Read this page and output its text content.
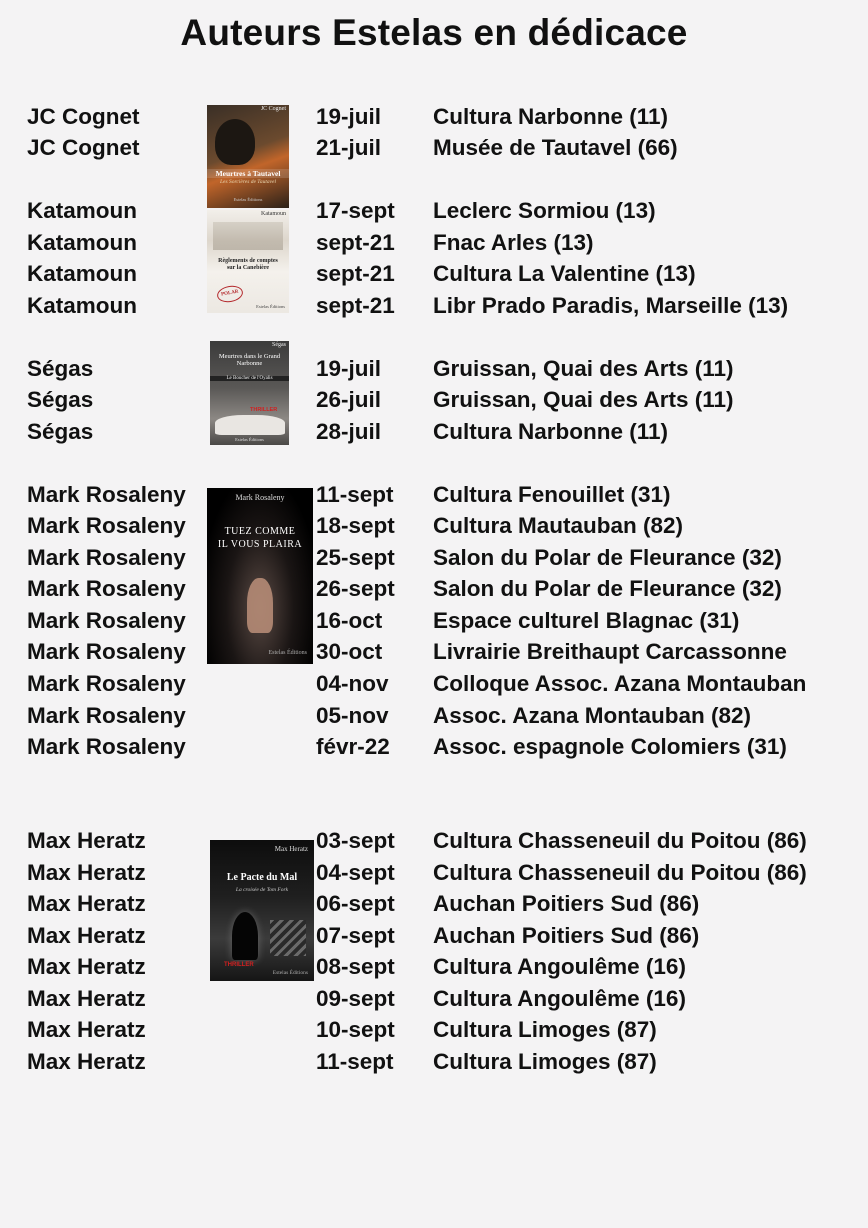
Auteurs Estelas en dédicace
JC Cognet	19-juil Cultura Narbonne (11)
JC Cognet	21-juil Musée de Tautavel (66)
Katamoun	17-sept Leclerc Sormiou (13)
Katamoun	sept-21 Fnac Arles (13)
Katamoun	sept-21 Cultura La Valentine (13)
Katamoun	sept-21 Libr Prado Paradis, Marseille (13)
Ségas	19-juil Gruissan, Quai des Arts (11)
Ségas	26-juil Gruissan, Quai des Arts (11)
Ségas	28-juil Cultura Narbonne (11)
Mark Rosaleny	11-sept Cultura Fenouillet (31)
Mark Rosaleny	18-sept Cultura Mautauban (82)
Mark Rosaleny	25-sept Salon du Polar de Fleurance (32)
Mark Rosaleny	26-sept Salon du Polar de Fleurance (32)
Mark Rosaleny	16-oct Espace culturel Blagnac (31)
Mark Rosaleny	30-oct Livrairie Breithaupt Carcassonne
Mark Rosaleny	04-nov Colloque Assoc. Azana Montauban
Mark Rosaleny	05-nov Assoc. Azana Montauban (82)
Mark Rosaleny	févr-22 Assoc. espagnole Colomiers (31)
Max Heratz	03-sept Cultura Chasseneuil du Poitou (86)
Max Heratz	04-sept Cultura Chasseneuil du Poitou (86)
Max Heratz	06-sept Auchan Poitiers Sud (86)
Max Heratz	07-sept Auchan Poitiers Sud (86)
Max Heratz	08-sept Cultura Angoulême (16)
Max Heratz	09-sept Cultura Angoulême (16)
Max Heratz	10-sept Cultura Limoges (87)
Max Heratz	11-sept Cultura Limoges (87)
JC Cognet
Meurtres à Tautavel
Les Sorcières de Tautavel
Estelas Éditions
Katamoun
Règlements de comptes sur la Canebière
POLAR
Estelas Éditions
Ségas
Meurtres dans le Grand Narbonne
Le Boucher de l'Oyalis
THRILLER
Estelas Éditions
Mark Rosaleny
TUEZ COMME
IL VOUS PLAIRA
Estelas Éditions
Max Heratz
Le Pacte du Mal
La croisée de Tom Fork
THRILLER
Estelas Éditions
